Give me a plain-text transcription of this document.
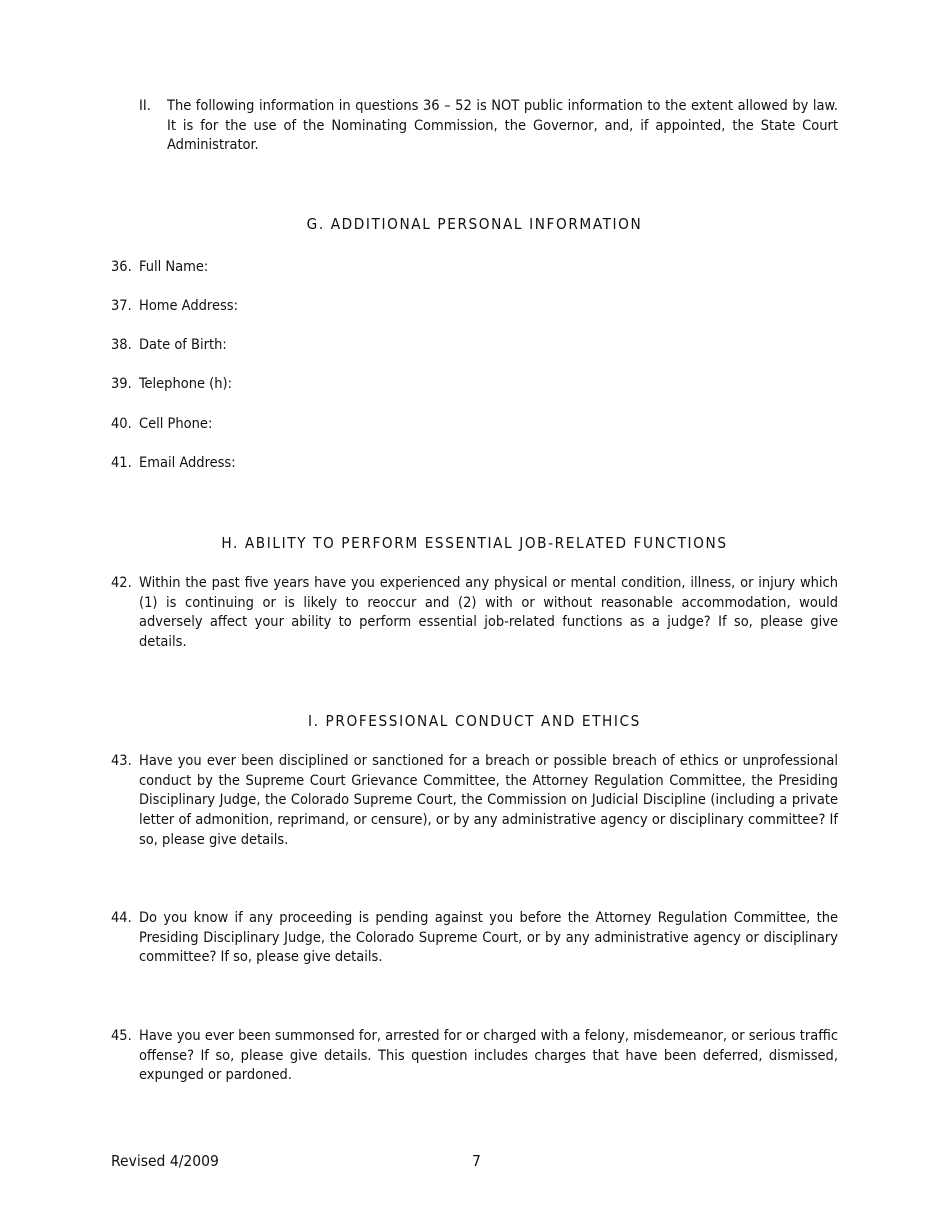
II.	The following information in questions 36 – 52 is NOT public information to the extent allowed by law. It is for the use of the Nominating Commission, the Governor, and, if appointed, the State Court Administrator.
G. ADDITIONAL PERSONAL INFORMATION
36. Full Name:
37. Home Address:
38. Date of Birth:
39. Telephone (h):
40. Cell Phone:
41. Email Address:
H. ABILITY TO PERFORM ESSENTIAL JOB-RELATED FUNCTIONS
42. Within the past five years have you experienced any physical or mental condition, illness, or injury which (1) is continuing or is likely to reoccur and (2) with or without reasonable accommodation, would adversely affect your ability to perform essential job-related functions as a judge? If so, please give details.
I. PROFESSIONAL CONDUCT AND ETHICS
43. Have you ever been disciplined or sanctioned for a breach or possible breach of ethics or unprofessional conduct by the Supreme Court Grievance Committee, the Attorney Regulation Committee, the Presiding Disciplinary Judge, the Colorado Supreme Court, the Commission on Judicial Discipline (including a private letter of admonition, reprimand, or censure), or by any administrative agency or disciplinary committee? If so, please give details.
44. Do you know if any proceeding is pending against you before the Attorney Regulation Committee, the Presiding Disciplinary Judge, the Colorado Supreme Court, or by any administrative agency or disciplinary committee? If so, please give details.
45. Have you ever been summonsed for, arrested for or charged with a felony, misdemeanor, or serious traffic offense? If so, please give details. This question includes charges that have been deferred, dismissed, expunged or pardoned.
Revised 4/2009	7
